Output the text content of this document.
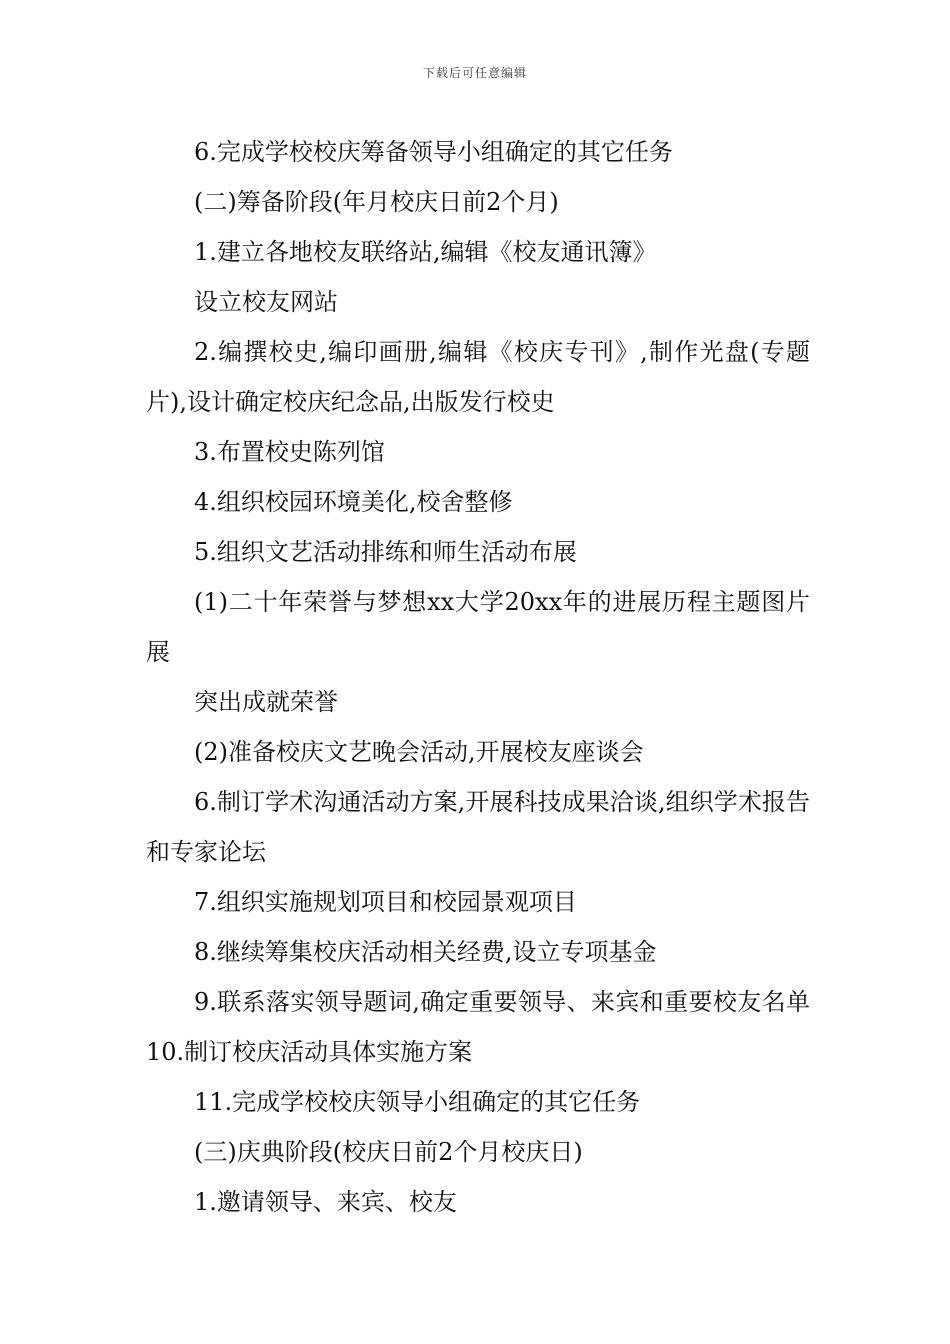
下载后可任意编辑

6.完成学校校庆筹备领导小组确定的其它任务

(二)筹备阶段(年月校庆日前2个月)

1.建立各地校友联络站,编辑《校友通讯簿》

设立校友网站

2.编撰校史,编印画册,编辑《校庆专刊》,制作光盘(专题片),设计确定校庆纪念品,出版发行校史

3.布置校史陈列馆

4.组织校园环境美化,校舍整修

5.组织文艺活动排练和师生活动布展

(1)二十年荣誉与梦想xx大学20xx年的进展历程主题图片展

突出成就荣誉

(2)准备校庆文艺晚会活动,开展校友座谈会

6.制订学术沟通活动方案,开展科技成果洽谈,组织学术报告和专家论坛

7.组织实施规划项目和校园景观项目

8.继续筹集校庆活动相关经费,设立专项基金

9.联系落实领导题词,确定重要领导、来宾和重要校友名单10.制订校庆活动具体实施方案

11.完成学校校庆领导小组确定的其它任务

(三)庆典阶段(校庆日前2个月校庆日)

1.邀请领导、来宾、校友
